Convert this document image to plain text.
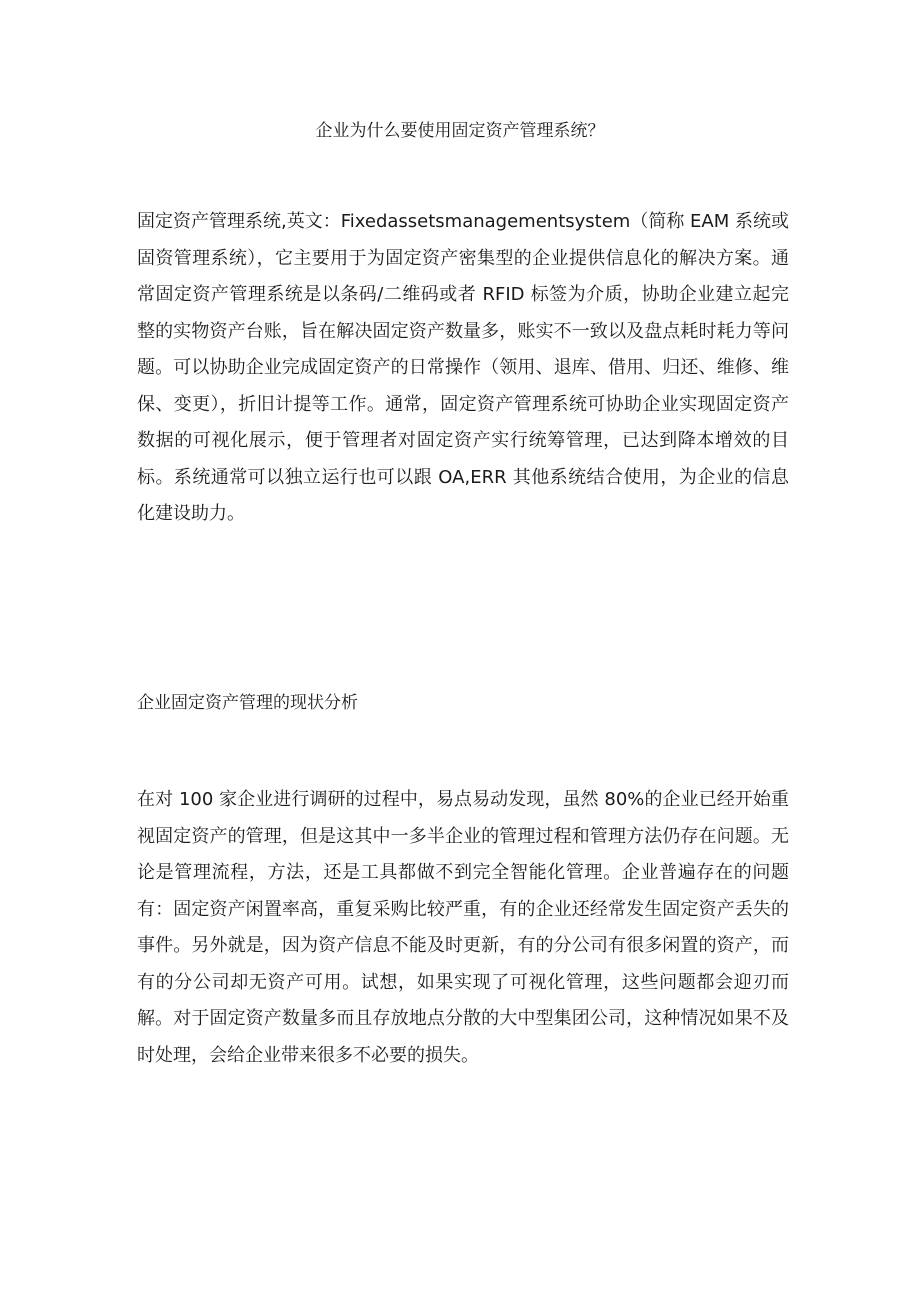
企业为什么要使用固定资产管理系统？

固定资产管理系统,英文：Fixedassetsmanagementsystem（简称 EAM 系统或固资管理系统），它主要用于为固定资产密集型的企业提供信息化的解决方案。通常固定资产管理系统是以条码/二维码或者 RFID 标签为介质，协助企业建立起完整的实物资产台账，旨在解决固定资产数量多，账实不一致以及盘点耗时耗力等问题。可以协助企业完成固定资产的日常操作（领用、退库、借用、归还、维修、维保、变更），折旧计提等工作。通常，固定资产管理系统可协助企业实现固定资产数据的可视化展示，便于管理者对固定资产实行统筹管理，已达到降本增效的目标。系统通常可以独立运行也可以跟 OA,ERR 其他系统结合使用，为企业的信息化建设助力。

企业固定资产管理的现状分析

在对 100 家企业进行调研的过程中，易点易动发现，虽然 80%的企业已经开始重视固定资产的管理，但是这其中一多半企业的管理过程和管理方法仍存在问题。无论是管理流程，方法，还是工具都做不到完全智能化管理。企业普遍存在的问题有：固定资产闲置率高，重复采购比较严重，有的企业还经常发生固定资产丢失的事件。另外就是，因为资产信息不能及时更新，有的分公司有很多闲置的资产，而有的分公司却无资产可用。试想，如果实现了可视化管理，这些问题都会迎刃而解。对于固定资产数量多而且存放地点分散的大中型集团公司，这种情况如果不及时处理，会给企业带来很多不必要的损失。
